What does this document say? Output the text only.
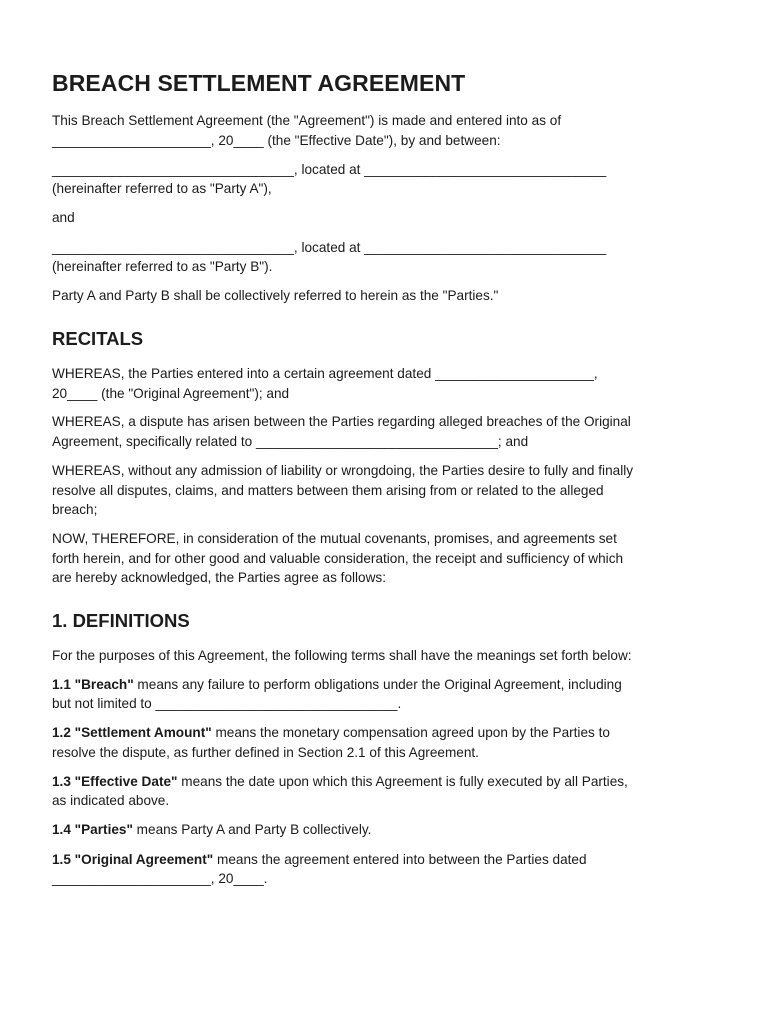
BREACH SETTLEMENT AGREEMENT

This Breach Settlement Agreement (the "Agreement") is made and entered into as of

_____________________, 20____ (the "Effective Date"), by and between:

________________________________, located at ________________________________

(hereinafter referred to as "Party A"),

and

________________________________, located at ________________________________

(hereinafter referred to as "Party B").

Party A and Party B shall be collectively referred to herein as the "Parties."

RECITALS

WHEREAS, the Parties entered into a certain agreement dated _____________________,

20____ (the "Original Agreement"); and

WHEREAS, a dispute has arisen between the Parties regarding alleged breaches of the Original

Agreement, specifically related to ________________________________; and

WHEREAS, without any admission of liability or wrongdoing, the Parties desire to fully and finally

resolve all disputes, claims, and matters between them arising from or related to the alleged

breach;

NOW, THEREFORE, in consideration of the mutual covenants, promises, and agreements set

forth herein, and for other good and valuable consideration, the receipt and sufficiency of which

are hereby acknowledged, the Parties agree as follows:

1. DEFINITIONS

For the purposes of this Agreement, the following terms shall have the meanings set forth below:

1.1 "Breach" means any failure to perform obligations under the Original Agreement, including

but not limited to ________________________________.

1.2 "Settlement Amount" means the monetary compensation agreed upon by the Parties to

resolve the dispute, as further defined in Section 2.1 of this Agreement.

1.3 "Effective Date" means the date upon which this Agreement is fully executed by all Parties,

as indicated above.

1.4 "Parties" means Party A and Party B collectively.

1.5 "Original Agreement" means the agreement entered into between the Parties dated

_____________________, 20____.
